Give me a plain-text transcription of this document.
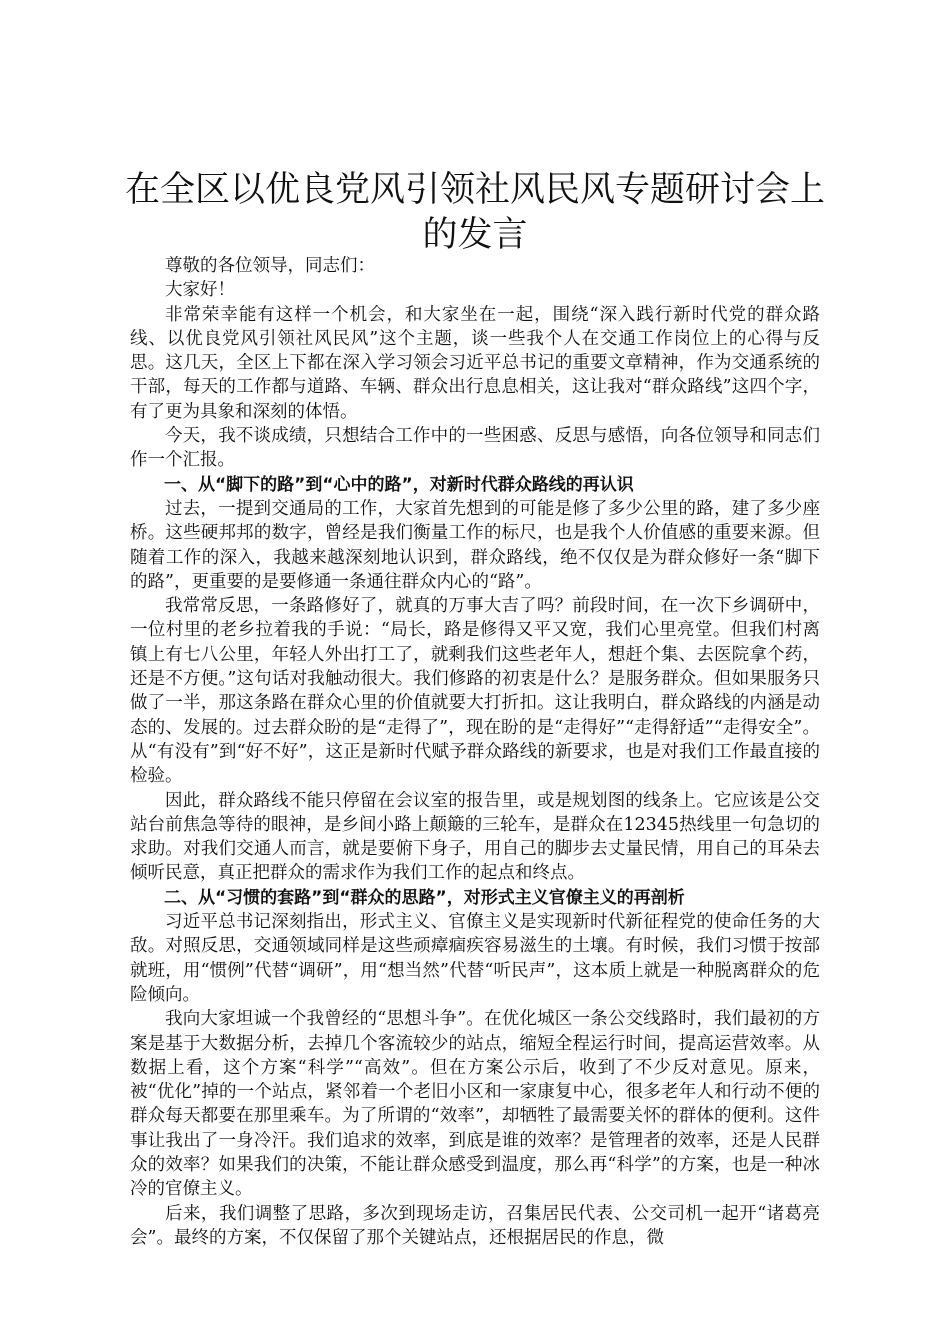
在全区以优良党风引领社风民风专题研讨会上的发言

尊敬的各位领导，同志们：

大家好！

非常荣幸能有这样一个机会，和大家坐在一起，围绕“深入践行新时代党的群众路线、以优良党风引领社风民风”这个主题，谈一些我个人在交通工作岗位上的心得与反思。这几天，全区上下都在深入学习领会习近平总书记的重要文章精神，作为交通系统的干部，每天的工作都与道路、车辆、群众出行息息相关，这让我对“群众路线”这四个字，有了更为具象和深刻的体悟。

今天，我不谈成绩，只想结合工作中的一些困惑、反思与感悟，向各位领导和同志们作一个汇报。

一、从“脚下的路”到“心中的路”，对新时代群众路线的再认识

过去，一提到交通局的工作，大家首先想到的可能是修了多少公里的路，建了多少座桥。这些硬邦邦的数字，曾经是我们衡量工作的标尺，也是我个人价值感的重要来源。但随着工作的深入，我越来越深刻地认识到，群众路线，绝不仅仅是为群众修好一条“脚下的路”，更重要的是要修通一条通往群众内心的“路”。

我常常反思，一条路修好了，就真的万事大吉了吗？前段时间，在一次下乡调研中，一位村里的老乡拉着我的手说：“局长，路是修得又平又宽，我们心里亮堂。但我们村离镇上有七八公里，年轻人外出打工了，就剩我们这些老年人，想赶个集、去医院拿个药，还是不方便。”这句话对我触动很大。我们修路的初衷是什么？是服务群众。但如果服务只做了一半，那这条路在群众心里的价值就要大打折扣。这让我明白，群众路线的内涵是动态的、发展的。过去群众盼的是“走得了”，现在盼的是“走得好”“走得舒适”“走得安全”。从“有没有”到“好不好”，这正是新时代赋予群众路线的新要求，也是对我们工作最直接的检验。

因此，群众路线不能只停留在会议室的报告里，或是规划图的线条上。它应该是公交站台前焦急等待的眼神，是乡间小路上颠簸的三轮车，是群众在12345热线里一句急切的求助。对我们交通人而言，就是要俯下身子，用自己的脚步去丈量民情，用自己的耳朵去倾听民意，真正把群众的需求作为我们工作的起点和终点。

二、从“习惯的套路”到“群众的思路”，对形式主义官僚主义的再剖析

习近平总书记深刻指出，形式主义、官僚主义是实现新时代新征程党的使命任务的大敌。对照反思，交通领域同样是这些顽瘴痼疾容易滋生的土壤。有时候，我们习惯于按部就班，用“惯例”代替“调研”，用“想当然”代替“听民声”，这本质上就是一种脱离群众的危险倾向。

我向大家坦诚一个我曾经的“思想斗争”。在优化城区一条公交线路时，我们最初的方案是基于大数据分析，去掉几个客流较少的站点，缩短全程运行时间，提高运营效率。从数据上看，这个方案“科学”“高效”。但在方案公示后，收到了不少反对意见。原来，被“优化”掉的一个站点，紧邻着一个老旧小区和一家康复中心，很多老年人和行动不便的群众每天都要在那里乘车。为了所谓的“效率”，却牺牲了最需要关怀的群体的便利。这件事让我出了一身冷汗。我们追求的效率，到底是谁的效率？是管理者的效率，还是人民群众的效率？如果我们的决策，不能让群众感受到温度，那么再“科学”的方案，也是一种冰冷的官僚主义。

后来，我们调整了思路，多次到现场走访，召集居民代表、公交司机一起开“诸葛亮会”。最终的方案，不仅保留了那个关键站点，还根据居民的作息，微
